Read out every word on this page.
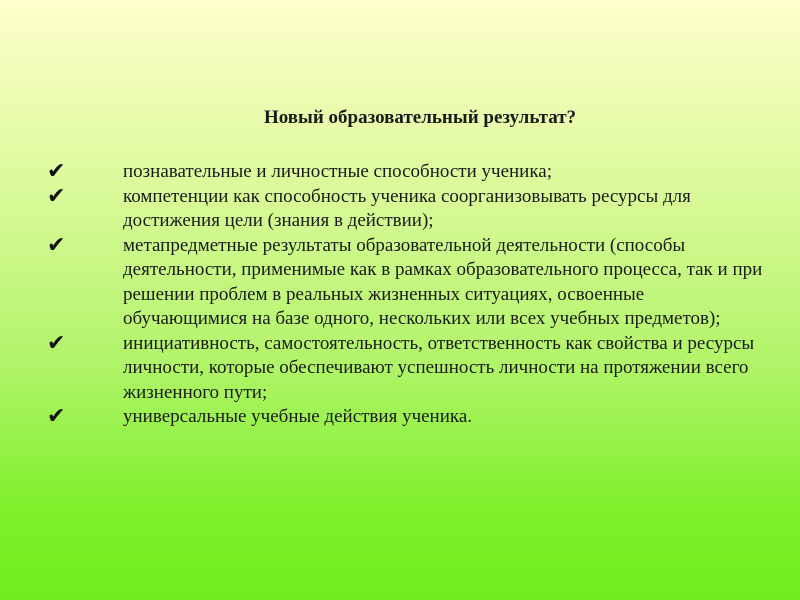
Новый образовательный результат?
✔	познавательные и личностные способности ученика;
✔	компетенции как способность ученика соорганизовывать ресурсы для достижения цели (знания в действии);
✔	метапредметные результаты образовательной деятельности (способы деятельности, применимые как в рамках образовательного процесса, так и при решении проблем в реальных жизненных ситуациях, освоенные обучающимися на базе одного, нескольких или всех учебных предметов);
✔	инициативность, самостоятельность, ответственность как свойства и ресурсы личности, которые обеспечивают успешность личности на протяжении всего жизненного пути;
✔	универсальные учебные действия ученика.
